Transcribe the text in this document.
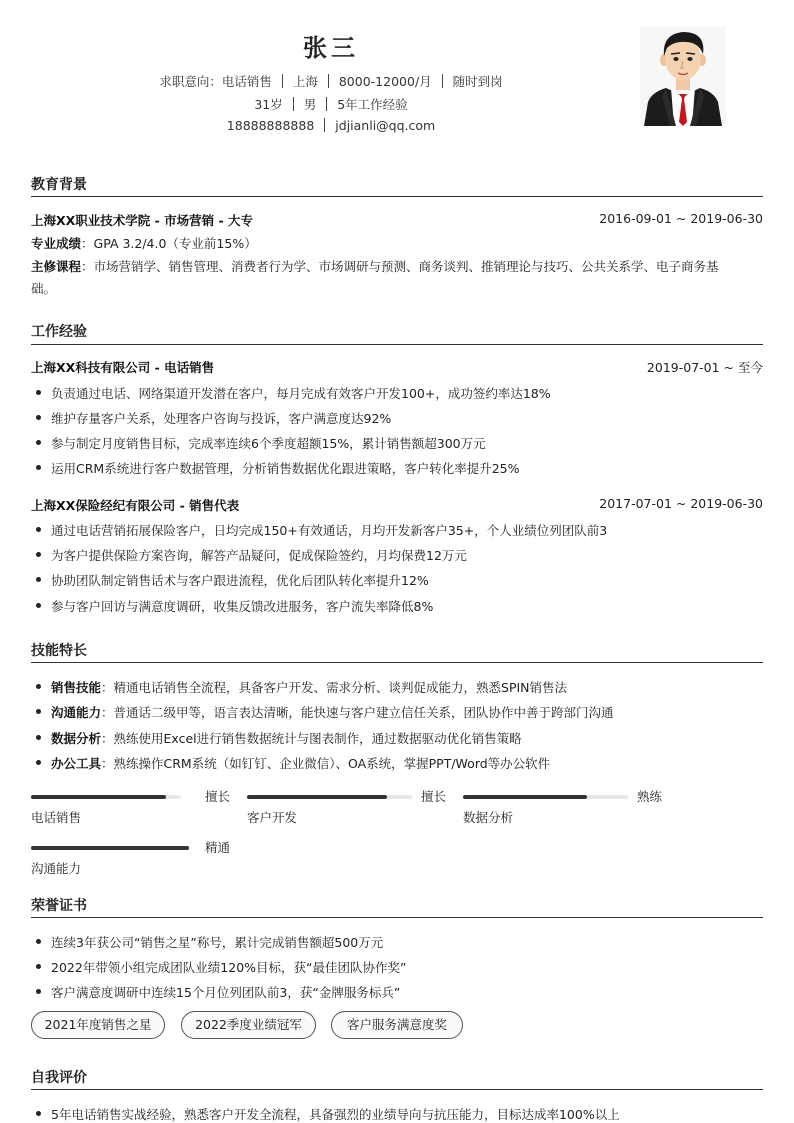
张三
求职意向：电话销售 上海 8000-12000/月 随时到岗
31岁 男 5年工作经验
18888888888 jdjianli@qq.com
教育背景
上海XX职业技术学院 - 市场营销 - 大专	2016-09-01 ~ 2019-06-30
专业成绩：GPA 3.2/4.0（专业前15%）
主修课程：市场营销学、销售管理、消费者行为学、市场调研与预测、商务谈判、推销理论与技巧、公共关系学、电子商务基
础。
工作经验
上海XX科技有限公司 - 电话销售	2019-07-01 ~ 至今
负责通过电话、网络渠道开发潜在客户，每月完成有效客户开发100+，成功签约率达18%
维护存量客户关系，处理客户咨询与投诉，客户满意度达92%
参与制定月度销售目标，完成率连续6个季度超额15%，累计销售额超300万元
运用CRM系统进行客户数据管理，分析销售数据优化跟进策略，客户转化率提升25%
上海XX保险经纪有限公司 - 销售代表	2017-07-01 ~ 2019-06-30
通过电话营销拓展保险客户，日均完成150+有效通话，月均开发新客户35+，个人业绩位列团队前3
为客户提供保险方案咨询，解答产品疑问，促成保险签约，月均保费12万元
协助团队制定销售话术与客户跟进流程，优化后团队转化率提升12%
参与客户回访与满意度调研，收集反馈改进服务，客户流失率降低8%
技能特长
销售技能：精通电话销售全流程，具备客户开发、需求分析、谈判促成能力，熟悉SPIN销售法
沟通能力：普通话二级甲等，语言表达清晰，能快速与客户建立信任关系，团队协作中善于跨部门沟通
数据分析：熟练使用Excel进行销售数据统计与图表制作，通过数据驱动优化销售策略
办公工具：熟练操作CRM系统（如钉钉、企业微信）、OA系统，掌握PPT/Word等办公软件
擅长
电话销售
擅长
客户开发
熟练
数据分析
精通
沟通能力
荣誉证书
连续3年获公司“销售之星”称号，累计完成销售额超500万元
2022年带领小组完成团队业绩120%目标，获“最佳团队协作奖”
客户满意度调研中连续15个月位列团队前3，获“金牌服务标兵”
2021年度销售之星	2022季度业绩冠军	客户服务满意度奖
自我评价
5年电话销售实战经验，熟悉客户开发全流程，具备强烈的业绩导向与抗压能力，目标达成率100%以上
